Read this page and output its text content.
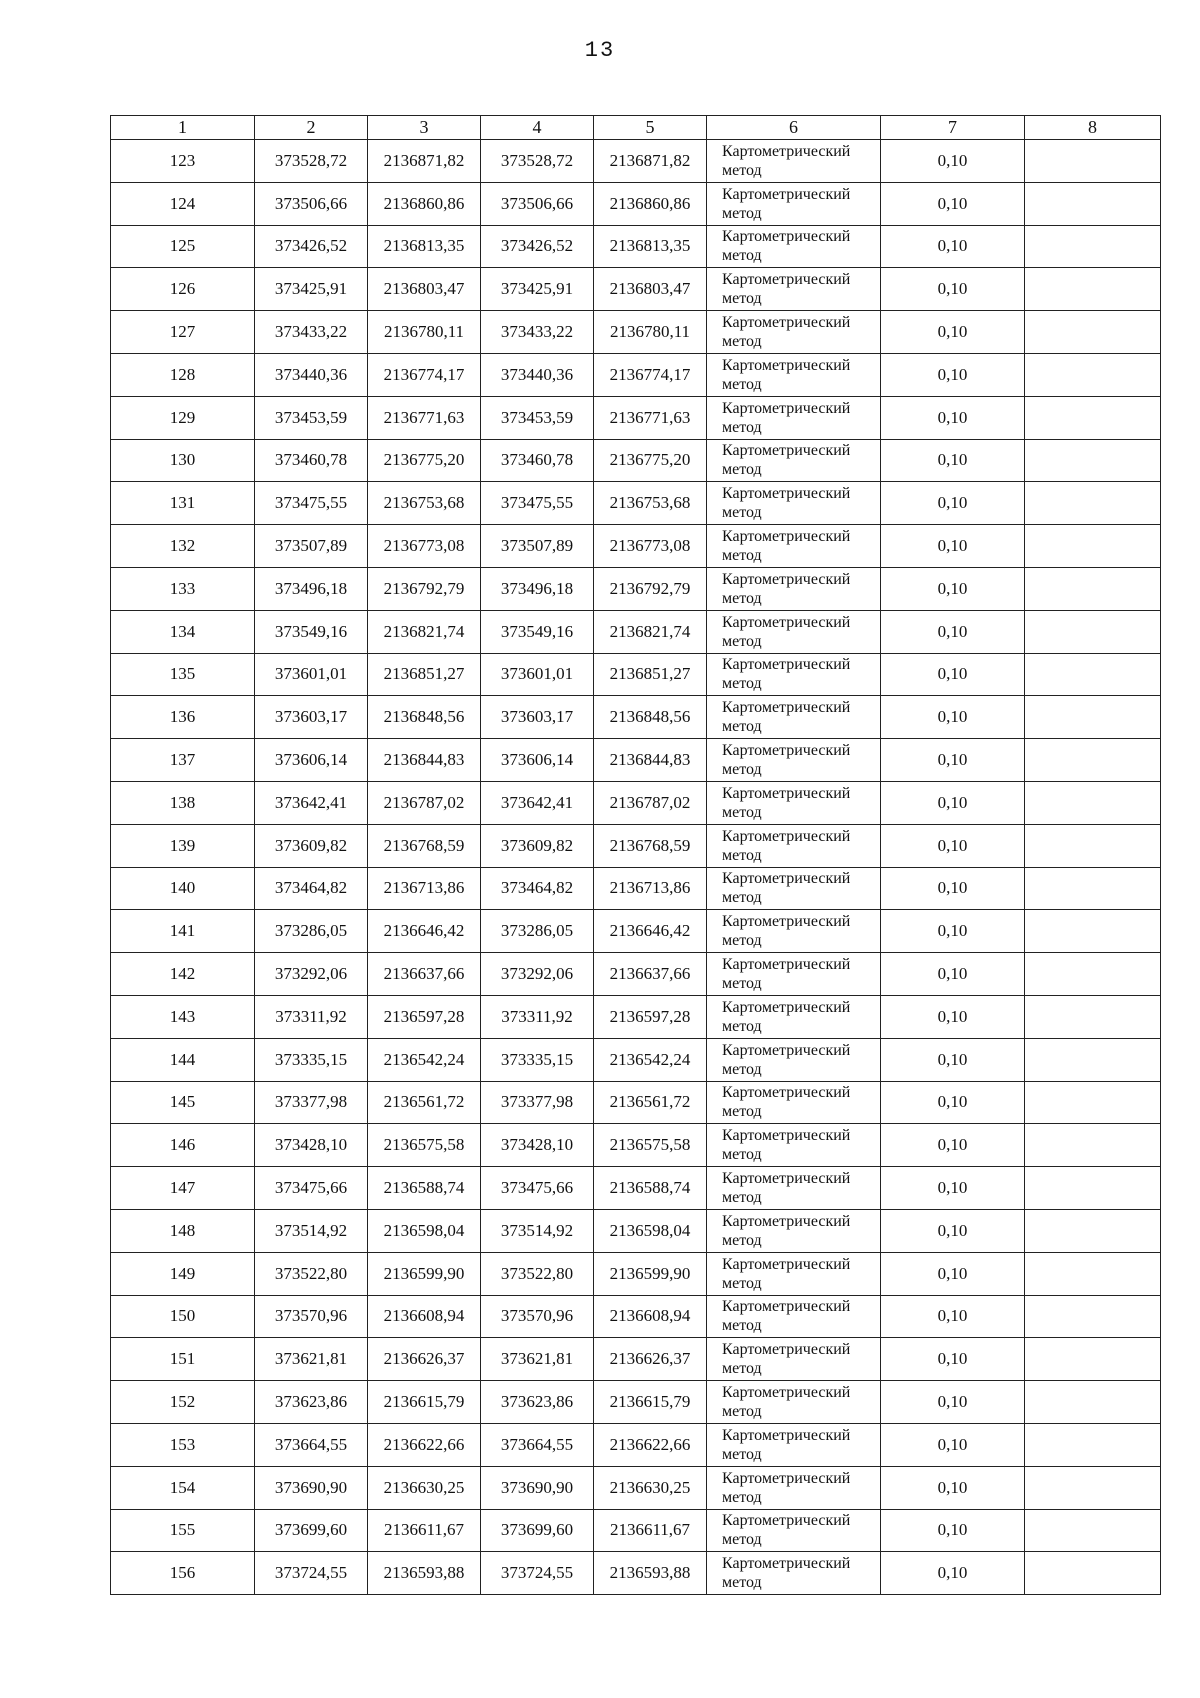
13
1	2	3	4	5	6	7	8
123	373528,72	2136871,82	373528,72	2136871,82	Картометрический
метод	0,10	
124	373506,66	2136860,86	373506,66	2136860,86	Картометрический
метод	0,10	
125	373426,52	2136813,35	373426,52	2136813,35	Картометрический
метод	0,10	
126	373425,91	2136803,47	373425,91	2136803,47	Картометрический
метод	0,10	
127	373433,22	2136780,11	373433,22	2136780,11	Картометрический
метод	0,10	
128	373440,36	2136774,17	373440,36	2136774,17	Картометрический
метод	0,10	
129	373453,59	2136771,63	373453,59	2136771,63	Картометрический
метод	0,10	
130	373460,78	2136775,20	373460,78	2136775,20	Картометрический
метод	0,10	
131	373475,55	2136753,68	373475,55	2136753,68	Картометрический
метод	0,10	
132	373507,89	2136773,08	373507,89	2136773,08	Картометрический
метод	0,10	
133	373496,18	2136792,79	373496,18	2136792,79	Картометрический
метод	0,10	
134	373549,16	2136821,74	373549,16	2136821,74	Картометрический
метод	0,10	
135	373601,01	2136851,27	373601,01	2136851,27	Картометрический
метод	0,10	
136	373603,17	2136848,56	373603,17	2136848,56	Картометрический
метод	0,10	
137	373606,14	2136844,83	373606,14	2136844,83	Картометрический
метод	0,10	
138	373642,41	2136787,02	373642,41	2136787,02	Картометрический
метод	0,10	
139	373609,82	2136768,59	373609,82	2136768,59	Картометрический
метод	0,10	
140	373464,82	2136713,86	373464,82	2136713,86	Картометрический
метод	0,10	
141	373286,05	2136646,42	373286,05	2136646,42	Картометрический
метод	0,10	
142	373292,06	2136637,66	373292,06	2136637,66	Картометрический
метод	0,10	
143	373311,92	2136597,28	373311,92	2136597,28	Картометрический
метод	0,10	
144	373335,15	2136542,24	373335,15	2136542,24	Картометрический
метод	0,10	
145	373377,98	2136561,72	373377,98	2136561,72	Картометрический
метод	0,10	
146	373428,10	2136575,58	373428,10	2136575,58	Картометрический
метод	0,10	
147	373475,66	2136588,74	373475,66	2136588,74	Картометрический
метод	0,10	
148	373514,92	2136598,04	373514,92	2136598,04	Картометрический
метод	0,10	
149	373522,80	2136599,90	373522,80	2136599,90	Картометрический
метод	0,10	
150	373570,96	2136608,94	373570,96	2136608,94	Картометрический
метод	0,10	
151	373621,81	2136626,37	373621,81	2136626,37	Картометрический
метод	0,10	
152	373623,86	2136615,79	373623,86	2136615,79	Картометрический
метод	0,10	
153	373664,55	2136622,66	373664,55	2136622,66	Картометрический
метод	0,10	
154	373690,90	2136630,25	373690,90	2136630,25	Картометрический
метод	0,10	
155	373699,60	2136611,67	373699,60	2136611,67	Картометрический
метод	0,10	
156	373724,55	2136593,88	373724,55	2136593,88	Картометрический
метод	0,10	
